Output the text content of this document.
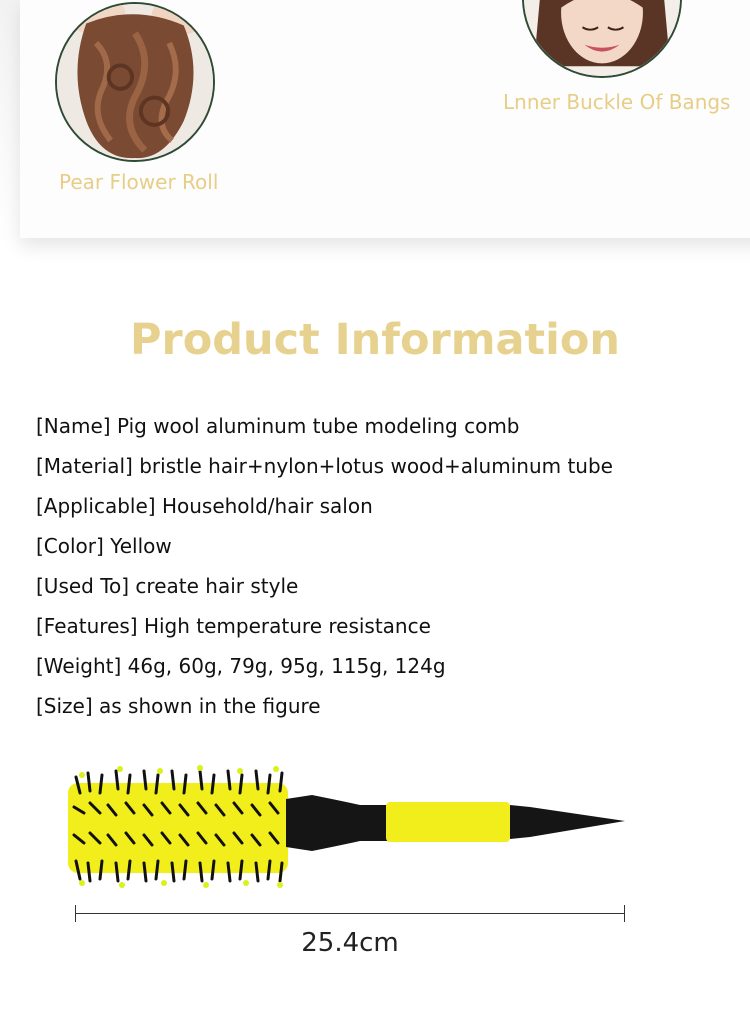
Pear Flower Roll
Lnner Buckle Of Bangs
Product Information
[Name] Pig wool aluminum tube modeling comb
[Material] bristle hair+nylon+lotus wood+aluminum tube
[Applicable] Household/hair salon
[Color] Yellow
[Used To] create hair style
[Features] High temperature resistance
[Weight] 46g, 60g, 79g, 95g, 115g, 124g
[Size] as shown in the figure
25.4cm
